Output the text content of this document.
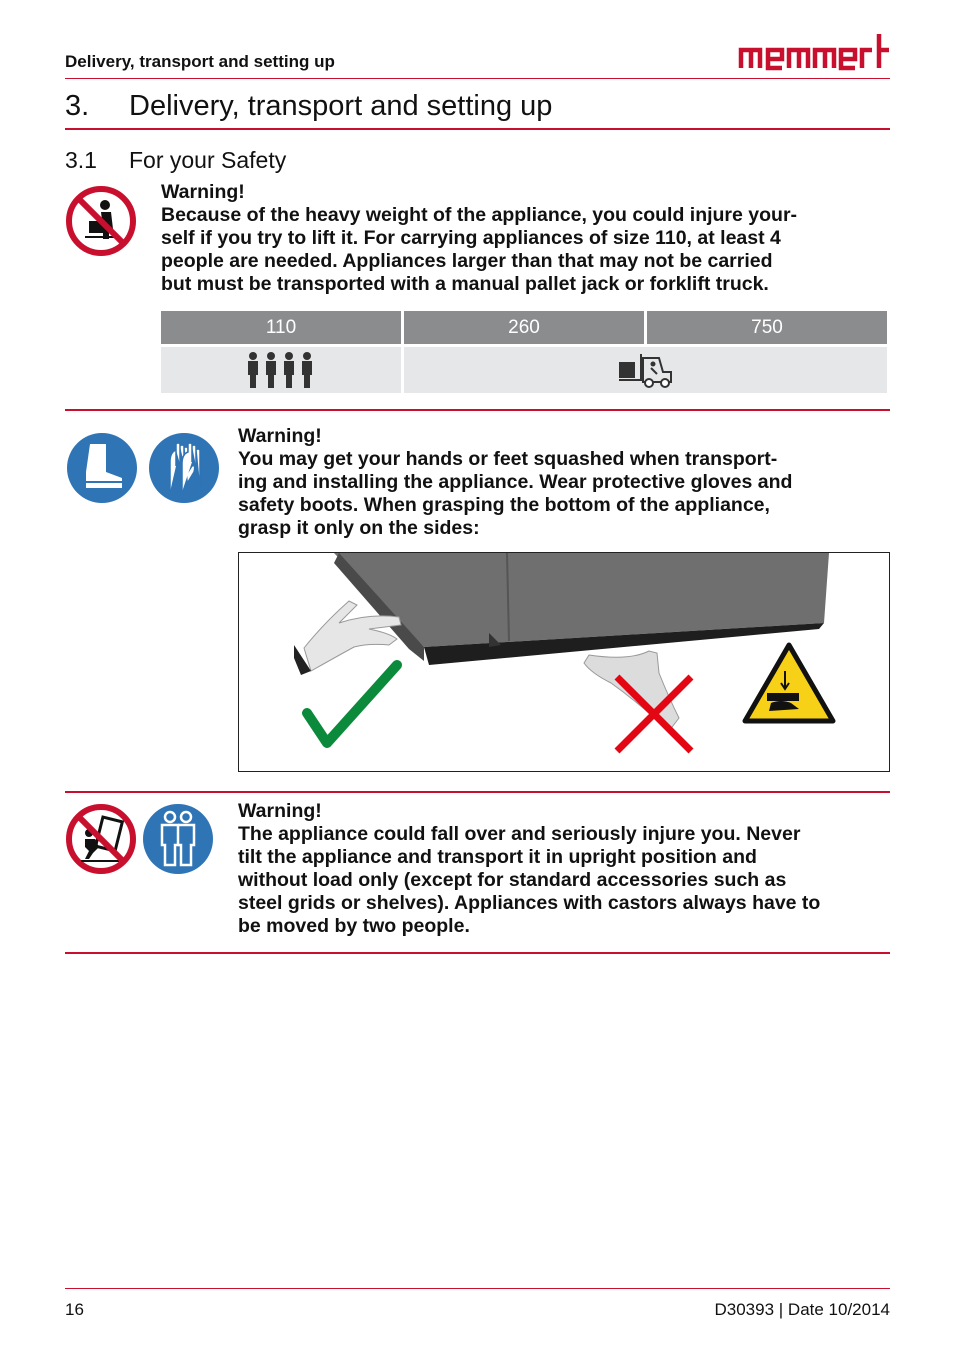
Delivery, transport and setting up
3. Delivery, transport and setting up
3.1 For your Safety
Warning!
Because of the heavy weight of the appliance, you could injure your-
self if you try to lift it. For carrying appliances of size 110, at least 4
people are needed. Appliances larger than that may not be carried
but must be transported with a manual pallet jack or forklift truck.
110	260	750
Warning!
You may get your hands or feet squashed when transport-
ing and installing the appliance. Wear protective gloves and
safety boots. When grasping the bottom of the appliance,
grasp it only on the sides:
Warning!
The appliance could fall over and seriously injure you. Never
tilt the appliance and transport it in upright position and
without load only (except for standard accessories such as
steel grids or shelves). Appliances with castors always have to
be moved by two people.
16	D30393 | Date 10/2014
